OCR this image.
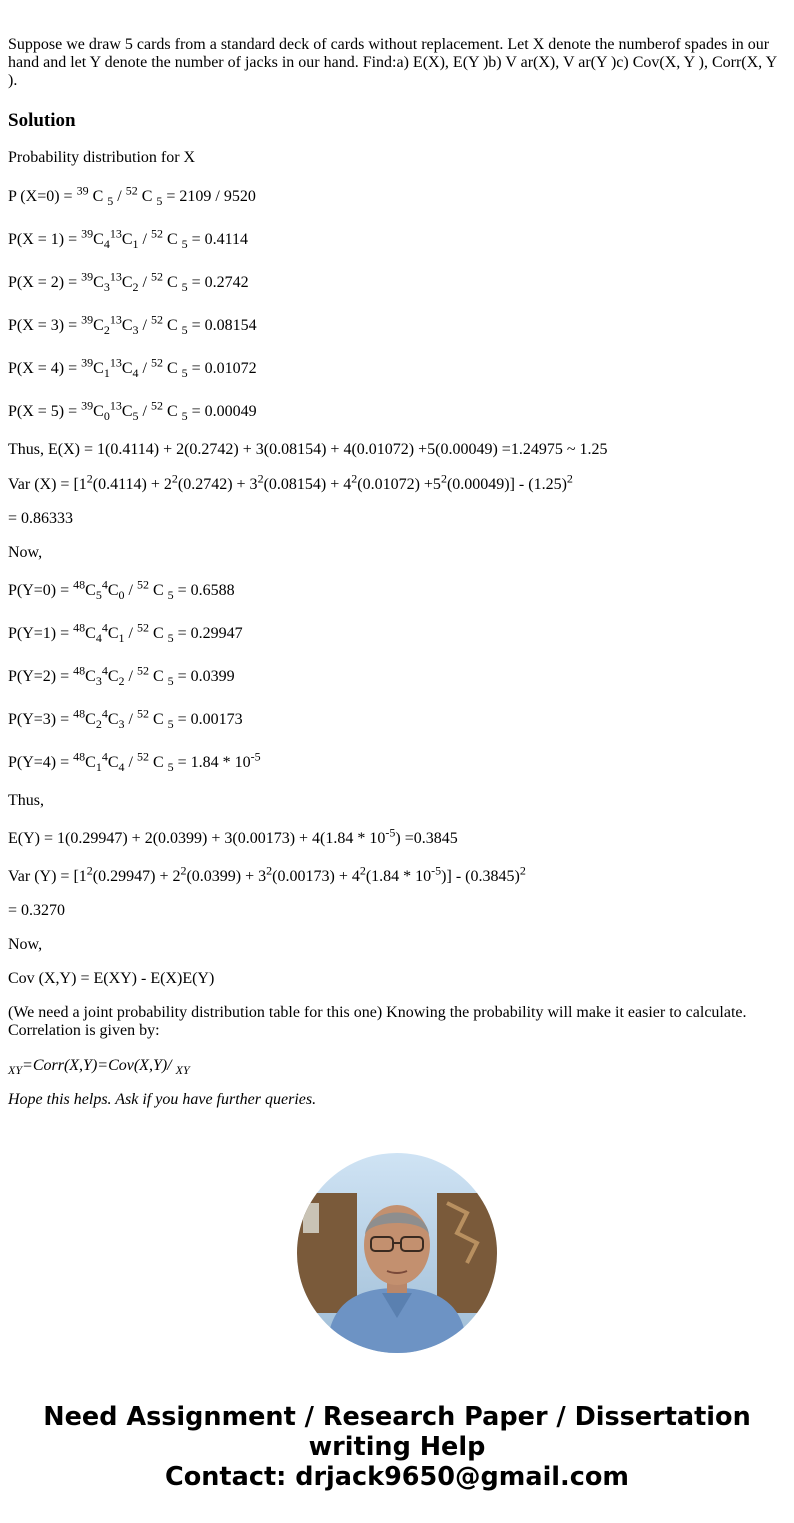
Suppose we draw 5 cards from a standard deck of cards without replacement. Let X denote the numberof spades in our hand and let Y denote the number of jacks in our hand. Find:a) E(X), E(Y )b) V ar(X), V ar(Y )c) Cov(X, Y ), Corr(X, Y ).

Solution

Probability distribution for X

P (X=0) = $^{39}$ C $_5$ / $^{52}$ C $_5$ = 2109 / 9520

$P(X = 1) = ^{39}C_4^{13}C_1 / ^{52}$ C $_5$ = 0.4114

$P(X = 2) = ^{39}C_3^{13}C_2 / ^{52}$ C $_5$ = 0.2742

$P(X = 3) = ^{39}C_2^{13}C_3 / ^{52}$ C $_5$ = 0.08154

$P(X = 4) = ^{39}C_1^{13}C_4 / ^{52}$ C $_5$ = 0.01072

$P(X = 5) = ^{39}C_0^{13}C_5 / ^{52}$ C $_5$ = 0.00049

Thus, E(X) = 1(0.4114) + 2(0.2742) + 3(0.08154) + 4(0.01072) +5(0.00049) =1.24975 ~ 1.25

Var $(X) = [1^2(0.4114) + 2^2(0.2742) + 3^2(0.08154) + 4^2(0.01072) +5^2(0.00049)] - (1.25)^2$

= 0.86333

Now,

$P(Y=0) = ^{48}C_5^4C_0 / ^{52}$ C $_5$ = 0.6588

$P(Y=1) = ^{48}C_4^4C_1 / ^{52}$ C $_5$ = 0.29947

$P(Y=2) = ^{48}C_3^4C_2 / ^{52}$ C $_5$ = 0.0399

$P(Y=3) = ^{48}C_2^4C_3 / ^{52}$ C $_5$ = 0.00173

$P(Y=4) = ^{48}C_1^4C_4 / ^{52}$ C $_5 = 1.84 * 10^{-5}$

Thus,

$E(Y) = 1(0.29947) + 2(0.0399) + 3(0.00173) + 4(1.84 * 10^{-5}) =0.3845$

Var $(Y) = [1^2(0.29947) + 2^2(0.0399) + 3^2(0.00173) + 4^2(1.84 * 10^{-5})] - (0.3845)^2$

= 0.3270

Now,

Cov (X,Y) = E(XY) - E(X)E(Y)

(We need a joint probability distribution table for this one) Knowing the probability will make it easier to calculate. Correlation is given by:

$_{XY}$=Corr(X,Y)=Cov(X,Y)/ $_{XY}$

Hope this helps. Ask if you have further queries.

Need Assignment / Research Paper / Dissertation
writing Help
Contact: drjack9650@gmail.com
